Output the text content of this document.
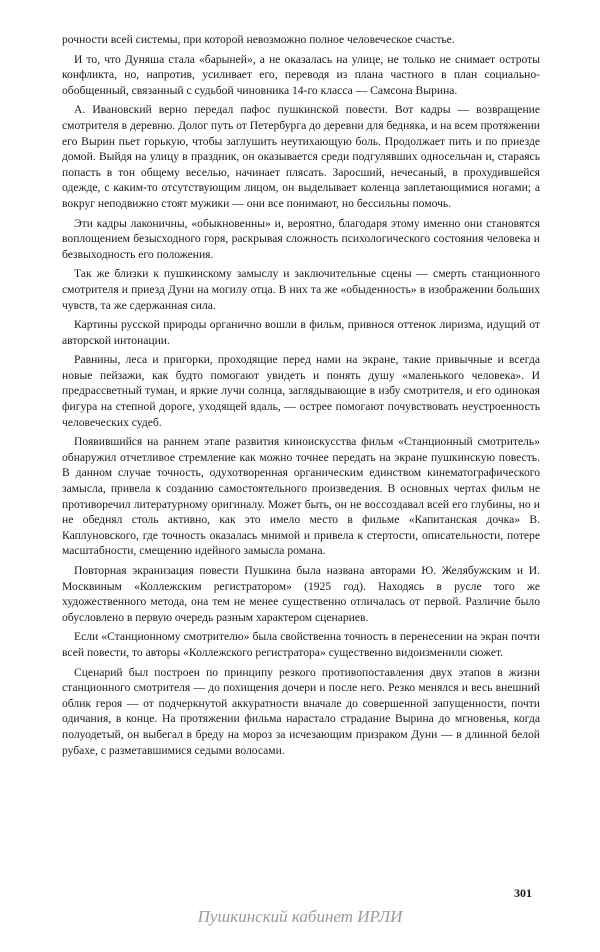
рочности всей системы, при которой невозможно полное человеческое счастье.

И то, что Дуняша стала «барыней», а не оказалась на улице, не только не снимает остроты конфликта, но, напротив, усиливает его, переводя из плана частного в план социально-обобщенный, связанный с судьбой чиновника 14-го класса — Самсона Вырина.

А. Ивановский верно передал пафос пушкинской повести. Вот кадры — возвращение смотрителя в деревню. Долог путь от Петербурга до деревни для бедняка, и на всем протяжении его Вырин пьет горькую, чтобы заглушить неутихающую боль. Продолжает пить и по приезде домой. Выйдя на улицу в праздник, он оказывается среди подгулявших односельчан и, стараясь попасть в тон общему веселью, начинает плясать. Заросший, нечесаный, в прохудившейся одежде, с каким-то отсутствующим лицом, он выделывает коленца заплетающимися ногами; а вокруг неподвижно стоят мужики — они все понимают, но бессильны помочь.

Эти кадры лаконичны, «обыкновенны» и, вероятно, благодаря этому именно они становятся воплощением безысходного горя, раскрывая сложность психологического состояния человека и безвыходность его положения.

Так же близки к пушкинскому замыслу и заключительные сцены — смерть станционного смотрителя и приезд Дуни на могилу отца. В них та же «обыденность» в изображении больших чувств, та же сдержанная сила.

Картины русской природы органично вошли в фильм, привнося оттенок лиризма, идущий от авторской интонации.

Равнины, леса и пригорки, проходящие перед нами на экране, такие привычные и всегда новые пейзажи, как будто помогают увидеть и понять душу «маленького человека». И предрассветный туман, и яркие лучи солнца, заглядывающие в избу смотрителя, и его одинокая фигура на степной дороге, уходящей вдаль, — острее помогают почувствовать неустроенность человеческих судеб.

Появившийся на раннем этапе развития киноискусства фильм «Станционный смотритель» обнаружил отчетливое стремление как можно точнее передать на экране пушкинскую повесть. В данном случае точность, одухотворенная органическим единством кинематографического замысла, привела к созданию самостоятельного произведения. В основных чертах фильм не противоречил литературному оригиналу. Может быть, он не воссоздавал всей его глубины, но и не обеднял столь активно, как это имело место в фильме «Капитанская дочка» В. Каплуновского, где точность оказалась мнимой и привела к стертости, описательности, потере масштабности, смещению идейного замысла романа.

Повторная экранизация повести Пушкина была названа авторами Ю. Желябужским и И. Москвиным «Коллежским регистратором» (1925 год). Находясь в русле того же художественного метода, она тем не менее существенно отличалась от первой. Различие было обусловлено в первую очередь разным характером сценариев.

Если «Станционному смотрителю» была свойственна точность в перенесении на экран почти всей повести, то авторы «Коллежского регистратора» существенно видоизменили сюжет.

Сценарий был построен по принципу резкого противопоставления двух этапов в жизни станционного смотрителя — до похищения дочери и после него. Резко менялся и весь внешний облик героя — от подчеркнутой аккуратности вначале до совершенной запущенности, почти одичания, в конце. На протяжении фильма нарастало страдание Вырина до мгновенья, когда полуодетый, он выбегал в бреду на мороз за исчезающим призраком Дуни — в длинной белой рубахе, с разметавшимися седыми волосами.

301
Пушкинский кабинет ИРЛИ
